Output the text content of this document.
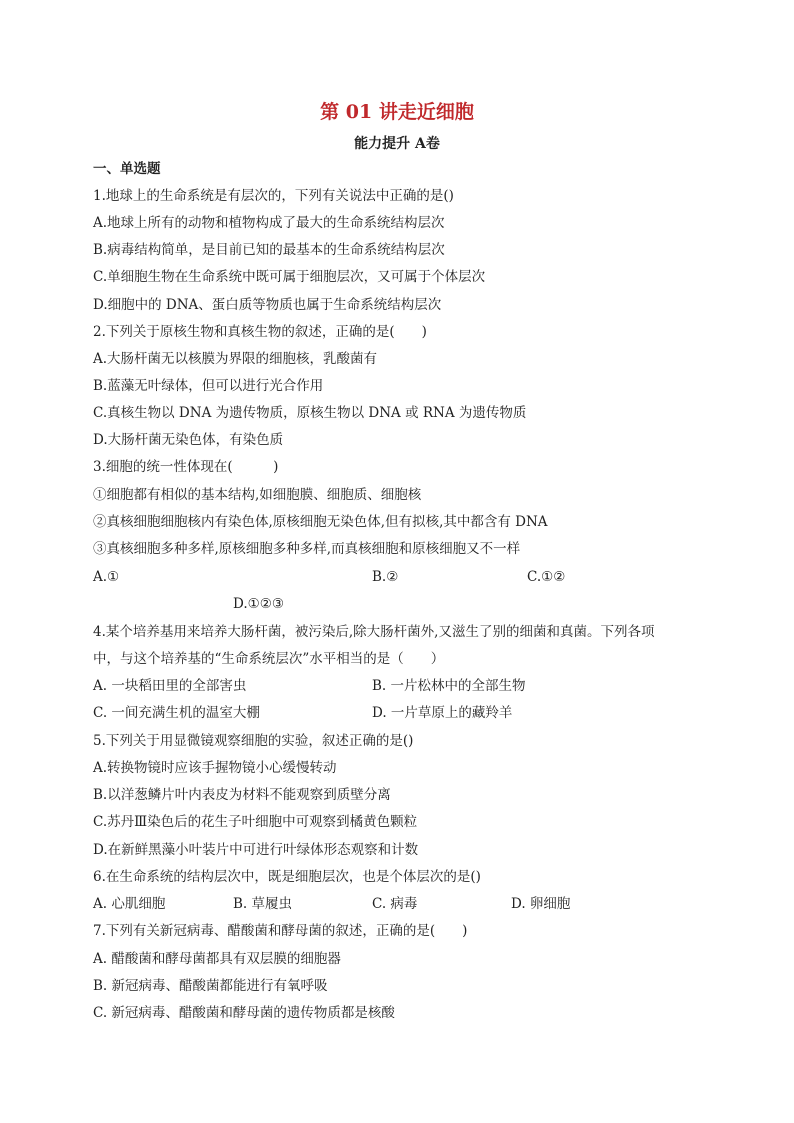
第 01 讲走近细胞
能力提升 A卷
一、单选题
1.地球上的生命系统是有层次的，下列有关说法中正确的是()
A.地球上所有的动物和植物构成了最大的生命系统结构层次
B.病毒结构简单，是目前已知的最基本的生命系统结构层次
C.单细胞生物在生命系统中既可属于细胞层次，又可属于个体层次
D.细胞中的 DNA、蛋白质等物质也属于生命系统结构层次
2.下列关于原核生物和真核生物的叙述，正确的是(　　)
A.大肠杆菌无以核膜为界限的细胞核，乳酸菌有
B.蓝藻无叶绿体，但可以进行光合作用
C.真核生物以 DNA 为遗传物质，原核生物以 DNA 或 RNA 为遗传物质
D.大肠杆菌无染色体，有染色质
3.细胞的统一性体现在(　　　)
①细胞都有相似的基本结构,如细胞膜、细胞质、细胞核
②真核细胞细胞核内有染色体,原核细胞无染色体,但有拟核,其中都含有 DNA
③真核细胞多种多样,原核细胞多种多样,而真核细胞和原核细胞又不一样
A.①	B.②	C.①②
D.①②③
4.某个培养基用来培养大肠杆菌，被污染后,除大肠杆菌外,又滋生了别的细菌和真菌。下列各项
中，与这个培养基的“生命系统层次”水平相当的是（　　）
A. 一块稻田里的全部害虫	B. 一片松林中的全部生物
C. 一间充满生机的温室大棚	D. 一片草原上的藏羚羊
5.下列关于用显微镜观察细胞的实验，叙述正确的是()
A.转换物镜时应该手握物镜小心缓慢转动
B.以洋葱鳞片叶内表皮为材料不能观察到质壁分离
C.苏丹Ⅲ染色后的花生子叶细胞中可观察到橘黄色颗粒
D.在新鲜黑藻小叶装片中可进行叶绿体形态观察和计数
6.在生命系统的结构层次中，既是细胞层次，也是个体层次的是()
A. 心肌细胞	B. 草履虫	C. 病毒	D. 卵细胞
7.下列有关新冠病毒、醋酸菌和酵母菌的叙述，正确的是(　　)
A. 醋酸菌和酵母菌都具有双层膜的细胞器
B. 新冠病毒、醋酸菌都能进行有氧呼吸
C. 新冠病毒、醋酸菌和酵母菌的遗传物质都是核酸
